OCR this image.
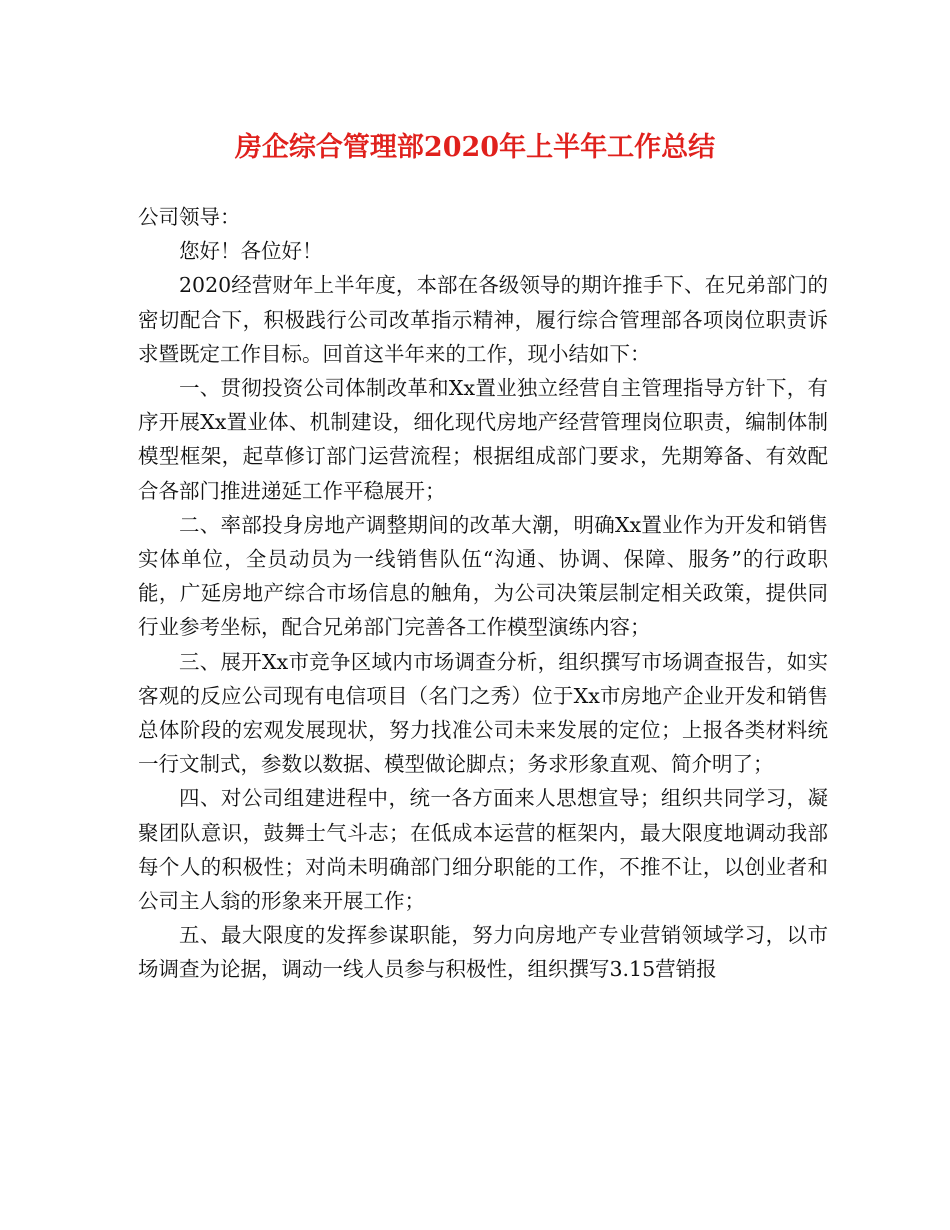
房企综合管理部2020年上半年工作总结

公司领导：

您好！各位好！

2020经营财年上半年度，本部在各级领导的期许推手下、在兄弟部门的密切配合下，积极践行公司改革指示精神，履行综合管理部各项岗位职责诉求暨既定工作目标。回首这半年来的工作，现小结如下：

一、贯彻投资公司体制改革和Xx置业独立经营自主管理指导方针下，有序开展Xx置业体、机制建设，细化现代房地产经营管理岗位职责，编制体制模型框架，起草修订部门运营流程；根据组成部门要求，先期筹备、有效配合各部门推进递延工作平稳展开；

二、率部投身房地产调整期间的改革大潮，明确Xx置业作为开发和销售实体单位，全员动员为一线销售队伍“沟通、协调、保障、服务”的行政职能，广延房地产综合市场信息的触角，为公司决策层制定相关政策，提供同行业参考坐标，配合兄弟部门完善各工作模型演练内容；

三、展开Xx市竞争区域内市场调查分析，组织撰写市场调查报告，如实客观的反应公司现有电信项目（名门之秀）位于Xx市房地产企业开发和销售总体阶段的宏观发展现状，努力找准公司未来发展的定位；上报各类材料统一行文制式，参数以数据、模型做论脚点；务求形象直观、简介明了；

四、对公司组建进程中，统一各方面来人思想宣导；组织共同学习，凝聚团队意识，鼓舞士气斗志；在低成本运营的框架内，最大限度地调动我部每个人的积极性；对尚未明确部门细分职能的工作，不推不让，以创业者和公司主人翁的形象来开展工作；

五、最大限度的发挥参谋职能，努力向房地产专业营销领域学习，以市场调查为论据，调动一线人员参与积极性，组织撰写3.15营销报
